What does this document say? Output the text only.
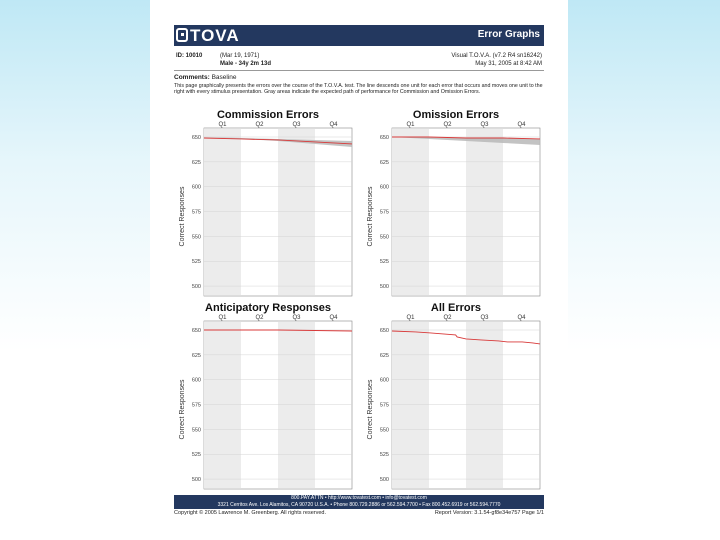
TOVA	Error Graphs
ID: 10010	(Mar 19, 1971)
Male - 34y 2m 13d
Visual T.O.V.A. (v7.2 R4 sn16242)
May 31, 2005 at 8:42 AM
Comments: Baseline
This page graphically presents the errors over the course of the T.O.V.A. test. The line descends one unit for each error that occurs and moves one unit to the right with every stimulus presentation. Gray areas indicate the expected path of performance for Commission and Omission Errors.
Commission Errors	Omission Errors
Anticipatory Responses	All Errors
650
625
600
575
550
525
500
Q1	Q2	Q3	Q4
Correct Responses
650
625
600
575
550
525
500
Q1	Q2	Q3	Q4
Correct Responses
650
625
600
575
550
525
500
Q1	Q2	Q3	Q4
Correct Responses
650
625
600
575
550
525
500
Q1	Q2	Q3	Q4
Correct Responses
800.PAY.ATTN • http://www.tovatest.com • info@tovatest.com
3321 Cerritos Ave. Los Alamitos, CA 90720 U.S.A. • Phone 800.729.2886 or 562.594.7700 • Fax 800.452.6919 or 562.594.7770
Copyright © 2005 Lawrence M. Greenberg. All rights reserved.	Report Version: 3.1.54-gf8e34e757 Page 1/1
